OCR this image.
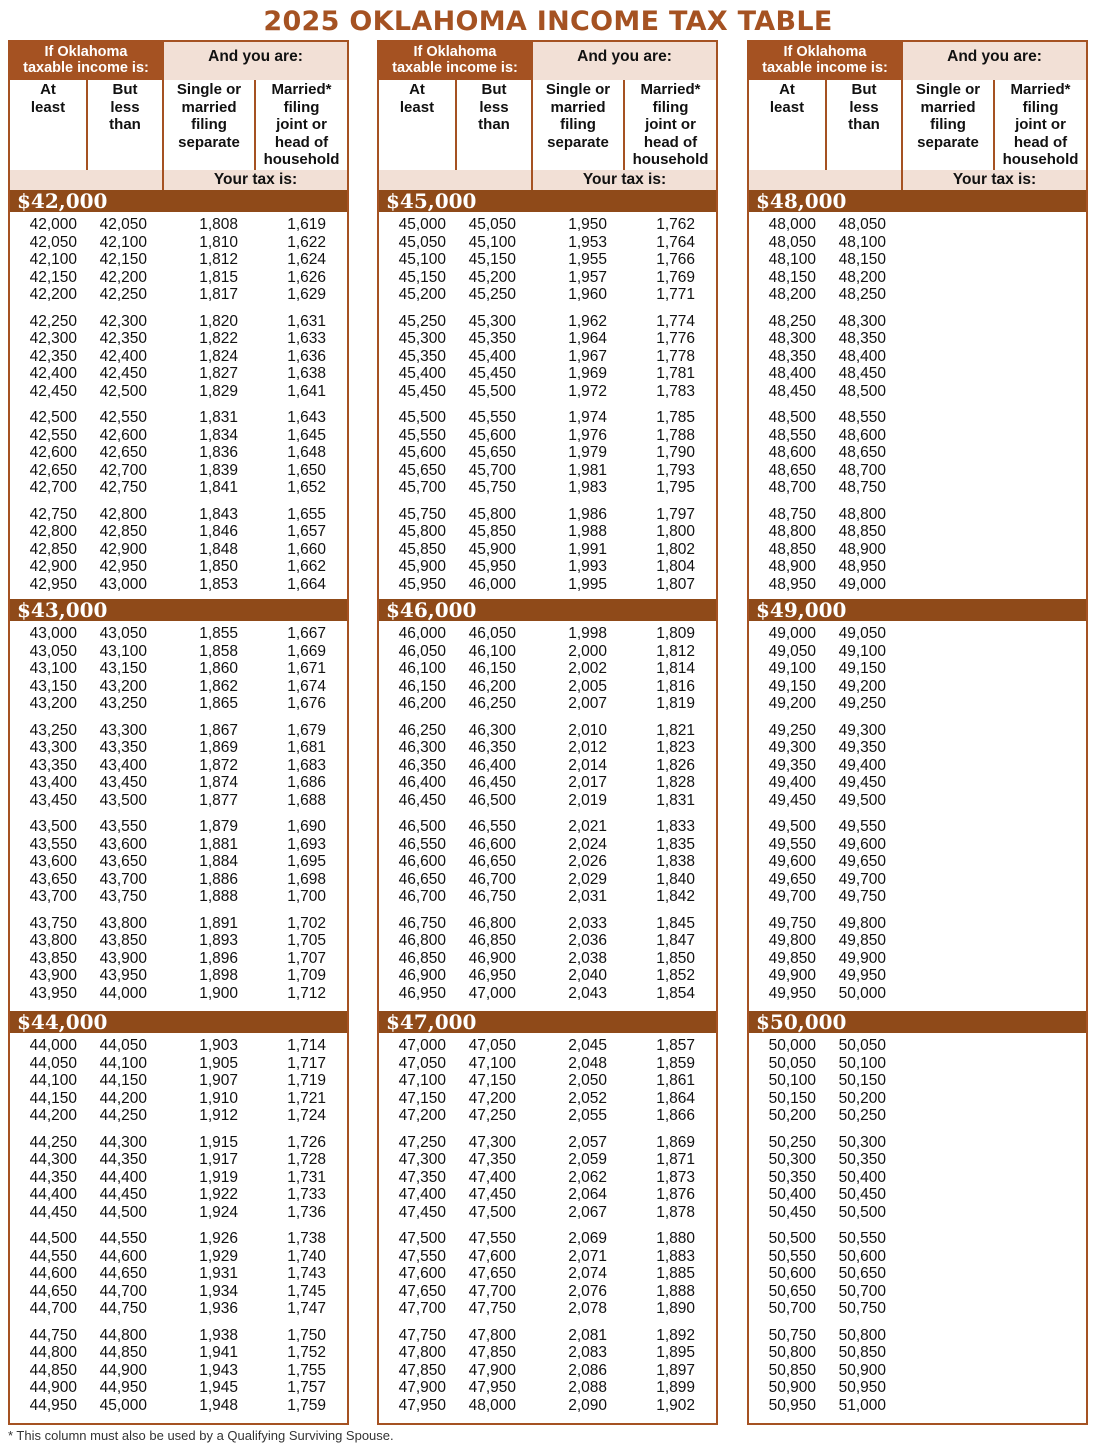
2025 OKLAHOMA INCOME TAX TABLE
If Oklahoma
taxable income is:
And you are:
At
least
But
less
than
Single or
married
filing
separate
Married*
filing
joint or
head of
household
Your tax is:
$42,000
42,000 42,050	1,808	1,619
42,050 42,100	1,810	1,622
42,100 42,150	1,812	1,624
42,150 42,200	1,815	1,626
42,200 42,250	1,817	1,629
42,250 42,300	1,820	1,631
42,300 42,350	1,822	1,633
42,350 42,400	1,824	1,636
42,400 42,450	1,827	1,638
42,450 42,500	1,829	1,641
42,500 42,550	1,831	1,643
42,550 42,600	1,834	1,645
42,600 42,650	1,836	1,648
42,650 42,700	1,839	1,650
42,700 42,750	1,841	1,652
42,750 42,800	1,843	1,655
42,800 42,850	1,846	1,657
42,850 42,900	1,848	1,660
42,900 42,950	1,850	1,662
42,950 43,000	1,853	1,664
$43,000
43,000 43,050	1,855	1,667
43,050 43,100	1,858	1,669
43,100 43,150	1,860	1,671
43,150 43,200	1,862	1,674
43,200 43,250	1,865	1,676
43,250 43,300	1,867	1,679
43,300 43,350	1,869	1,681
43,350 43,400	1,872	1,683
43,400 43,450	1,874	1,686
43,450 43,500	1,877	1,688
43,500 43,550	1,879	1,690
43,550 43,600	1,881	1,693
43,600 43,650	1,884	1,695
43,650 43,700	1,886	1,698
43,700 43,750	1,888	1,700
43,750 43,800	1,891	1,702
43,800 43,850	1,893	1,705
43,850 43,900	1,896	1,707
43,900 43,950	1,898	1,709
43,950 44,000	1,900	1,712
$44,000
44,000 44,050	1,903	1,714
44,050 44,100	1,905	1,717
44,100 44,150	1,907	1,719
44,150 44,200	1,910	1,721
44,200 44,250	1,912	1,724
44,250 44,300	1,915	1,726
44,300 44,350	1,917	1,728
44,350 44,400	1,919	1,731
44,400 44,450	1,922	1,733
44,450 44,500	1,924	1,736
44,500 44,550	1,926	1,738
44,550 44,600	1,929	1,740
44,600 44,650	1,931	1,743
44,650 44,700	1,934	1,745
44,700 44,750	1,936	1,747
44,750 44,800	1,938	1,750
44,800 44,850	1,941	1,752
44,850 44,900	1,943	1,755
44,900 44,950	1,945	1,757
44,950 45,000	1,948	1,759
If Oklahoma
taxable income is:
And you are:
At
least
But
less
than
Single or
married
filing
separate
Married*
filing
joint or
head of
household
Your tax is:
$45,000
45,000 45,050	1,950	1,762
45,050 45,100	1,953	1,764
45,100 45,150	1,955	1,766
45,150 45,200	1,957	1,769
45,200 45,250	1,960	1,771
45,250 45,300	1,962	1,774
45,300 45,350	1,964	1,776
45,350 45,400	1,967	1,778
45,400 45,450	1,969	1,781
45,450 45,500	1,972	1,783
45,500 45,550	1,974	1,785
45,550 45,600	1,976	1,788
45,600 45,650	1,979	1,790
45,650 45,700	1,981	1,793
45,700 45,750	1,983	1,795
45,750 45,800	1,986	1,797
45,800 45,850	1,988	1,800
45,850 45,900	1,991	1,802
45,900 45,950	1,993	1,804
45,950 46,000	1,995	1,807
$46,000
46,000 46,050	1,998	1,809
46,050 46,100	2,000	1,812
46,100 46,150	2,002	1,814
46,150 46,200	2,005	1,816
46,200 46,250	2,007	1,819
46,250 46,300	2,010	1,821
46,300 46,350	2,012	1,823
46,350 46,400	2,014	1,826
46,400 46,450	2,017	1,828
46,450 46,500	2,019	1,831
46,500 46,550	2,021	1,833
46,550 46,600	2,024	1,835
46,600 46,650	2,026	1,838
46,650 46,700	2,029	1,840
46,700 46,750	2,031	1,842
46,750 46,800	2,033	1,845
46,800 46,850	2,036	1,847
46,850 46,900	2,038	1,850
46,900 46,950	2,040	1,852
46,950 47,000	2,043	1,854
$47,000
47,000 47,050	2,045	1,857
47,050 47,100	2,048	1,859
47,100 47,150	2,050	1,861
47,150 47,200	2,052	1,864
47,200 47,250	2,055	1,866
47,250 47,300	2,057	1,869
47,300 47,350	2,059	1,871
47,350 47,400	2,062	1,873
47,400 47,450	2,064	1,876
47,450 47,500	2,067	1,878
47,500 47,550	2,069	1,880
47,550 47,600	2,071	1,883
47,600 47,650	2,074	1,885
47,650 47,700	2,076	1,888
47,700 47,750	2,078	1,890
47,750 47,800	2,081	1,892
47,800 47,850	2,083	1,895
47,850 47,900	2,086	1,897
47,900 47,950	2,088	1,899
47,950 48,000	2,090	1,902
If Oklahoma
taxable income is:
And you are:
At
least
But
less
than
Single or
married
filing
separate
Married*
filing
joint or
head of
household
Your tax is:
$48,000
48,000 48,050
48,050 48,100
48,100 48,150
48,150 48,200
48,200 48,250
48,250 48,300
48,300 48,350
48,350 48,400
48,400 48,450
48,450 48,500
48,500 48,550
48,550 48,600
48,600 48,650
48,650 48,700
48,700 48,750
48,750 48,800
48,800 48,850
48,850 48,900
48,900 48,950
48,950 49,000
$49,000
49,000 49,050
49,050 49,100
49,100 49,150
49,150 49,200
49,200 49,250
49,250 49,300
49,300 49,350
49,350 49,400
49,400 49,450
49,450 49,500
49,500 49,550
49,550 49,600
49,600 49,650
49,650 49,700
49,700 49,750
49,750 49,800
49,800 49,850
49,850 49,900
49,900 49,950
49,950 50,000
$50,000
50,000 50,050
50,050 50,100
50,100 50,150
50,150 50,200
50,200 50,250
50,250 50,300
50,300 50,350
50,350 50,400
50,400 50,450
50,450 50,500
50,500 50,550
50,550 50,600
50,600 50,650
50,650 50,700
50,700 50,750
50,750 50,800
50,800 50,850
50,850 50,900
50,900 50,950
50,950 51,000
* This column must also be used by a Qualifying Surviving Spouse.
